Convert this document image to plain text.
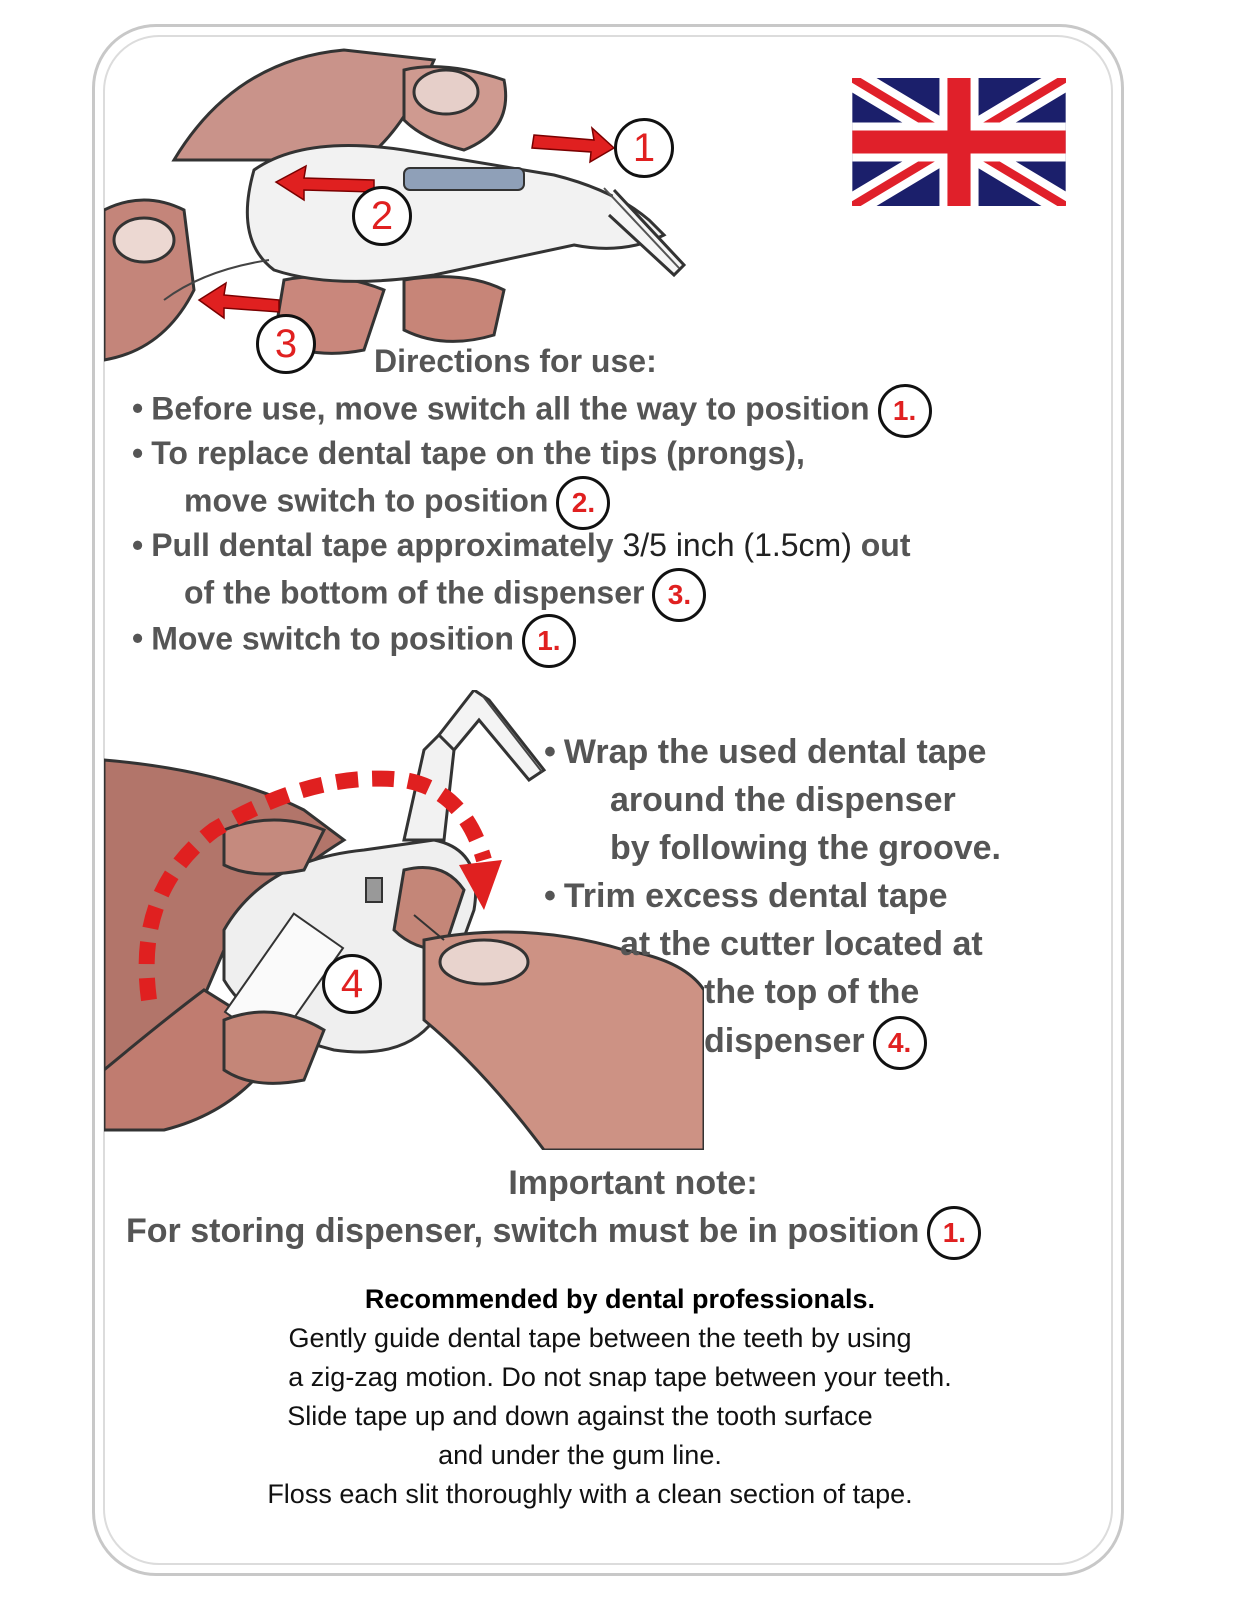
1
2
3	Directions for use:
• Before use, move switch all the way to position 1.
• To replace dental tape on the tips (prongs),
move switch to position 2.
• Pull dental tape approximately 3/5 inch (1.5cm) out
of the bottom of the dispenser 3.
• Move switch to position 1.
4
• Wrap the used dental tape
around the dispenser
by following the groove.
• Trim excess dental tape
at the cutter located at
the top of the
dispenser 4.
Important note:
For storing dispenser, switch must be in position 1.
Recommended by dental professionals.
Gently guide dental tape between the teeth by using
a zig-zag motion. Do not snap tape between your teeth.
Slide tape up and down against the tooth surface
and under the gum line.
Floss each slit thoroughly with a clean section of tape.
